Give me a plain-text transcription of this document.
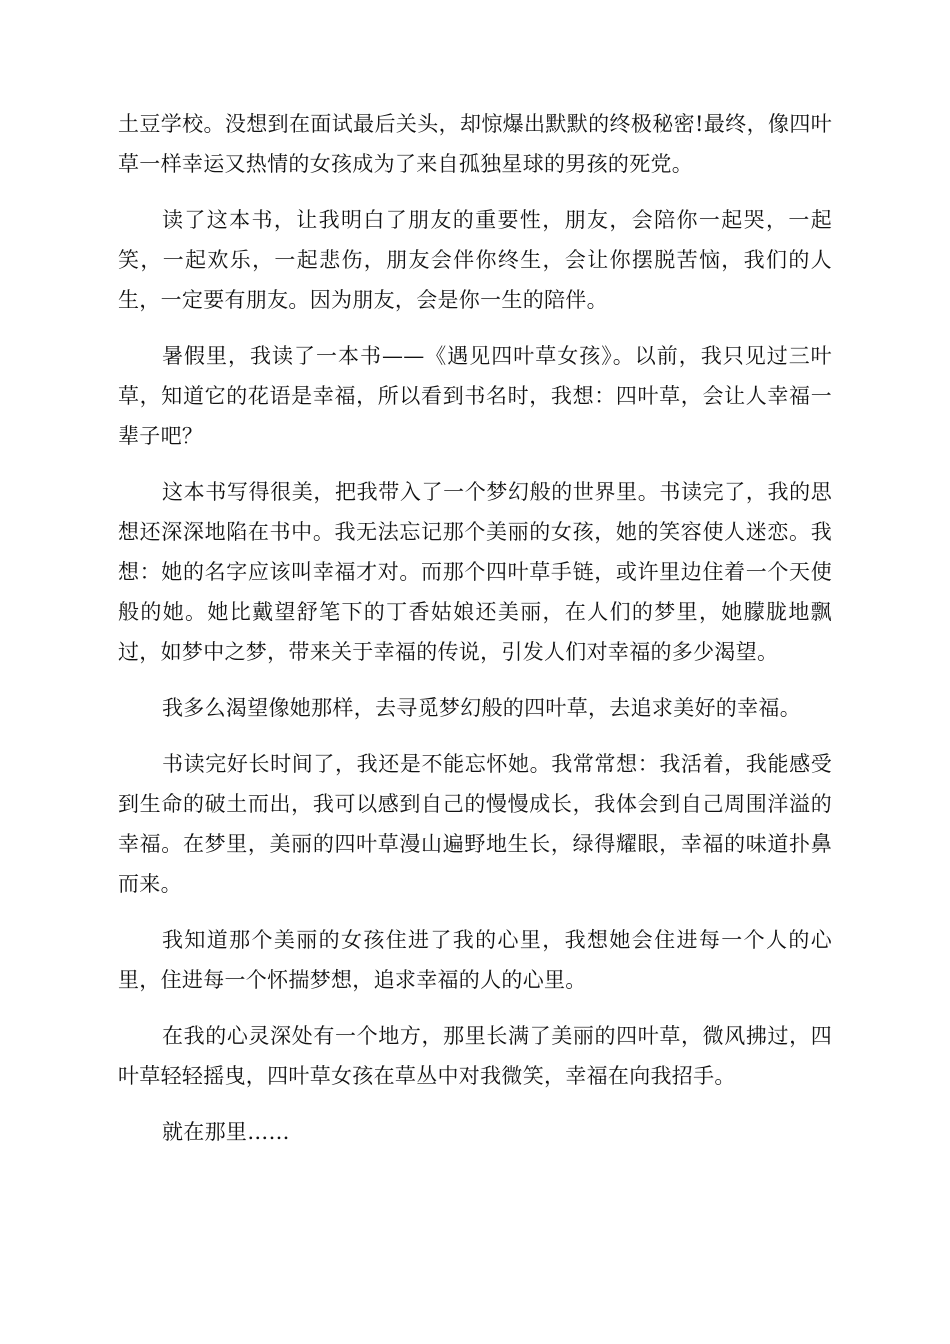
土豆学校。没想到在面试最后关头，却惊爆出默默的终极秘密!最终，像四叶草一样幸运又热情的女孩成为了来自孤独星球的男孩的死党。

读了这本书，让我明白了朋友的重要性，朋友，会陪你一起哭，一起笑，一起欢乐，一起悲伤，朋友会伴你终生，会让你摆脱苦恼，我们的人生，一定要有朋友。因为朋友，会是你一生的陪伴。

暑假里，我读了一本书——《遇见四叶草女孩》。以前，我只见过三叶草，知道它的花语是幸福，所以看到书名时，我想：四叶草，会让人幸福一辈子吧？

这本书写得很美，把我带入了一个梦幻般的世界里。书读完了，我的思想还深深地陷在书中。我无法忘记那个美丽的女孩，她的笑容使人迷恋。我想：她的名字应该叫幸福才对。而那个四叶草手链，或许里边住着一个天使般的她。她比戴望舒笔下的丁香姑娘还美丽，在人们的梦里，她朦胧地飘过，如梦中之梦，带来关于幸福的传说，引发人们对幸福的多少渴望。

我多么渴望像她那样，去寻觅梦幻般的四叶草，去追求美好的幸福。

书读完好长时间了，我还是不能忘怀她。我常常想：我活着，我能感受到生命的破土而出，我可以感到自己的慢慢成长，我体会到自己周围洋溢的幸福。在梦里，美丽的四叶草漫山遍野地生长，绿得耀眼，幸福的味道扑鼻而来。

我知道那个美丽的女孩住进了我的心里，我想她会住进每一个人的心里，住进每一个怀揣梦想，追求幸福的人的心里。

在我的心灵深处有一个地方，那里长满了美丽的四叶草，微风拂过，四叶草轻轻摇曳，四叶草女孩在草丛中对我微笑，幸福在向我招手。

就在那里……
